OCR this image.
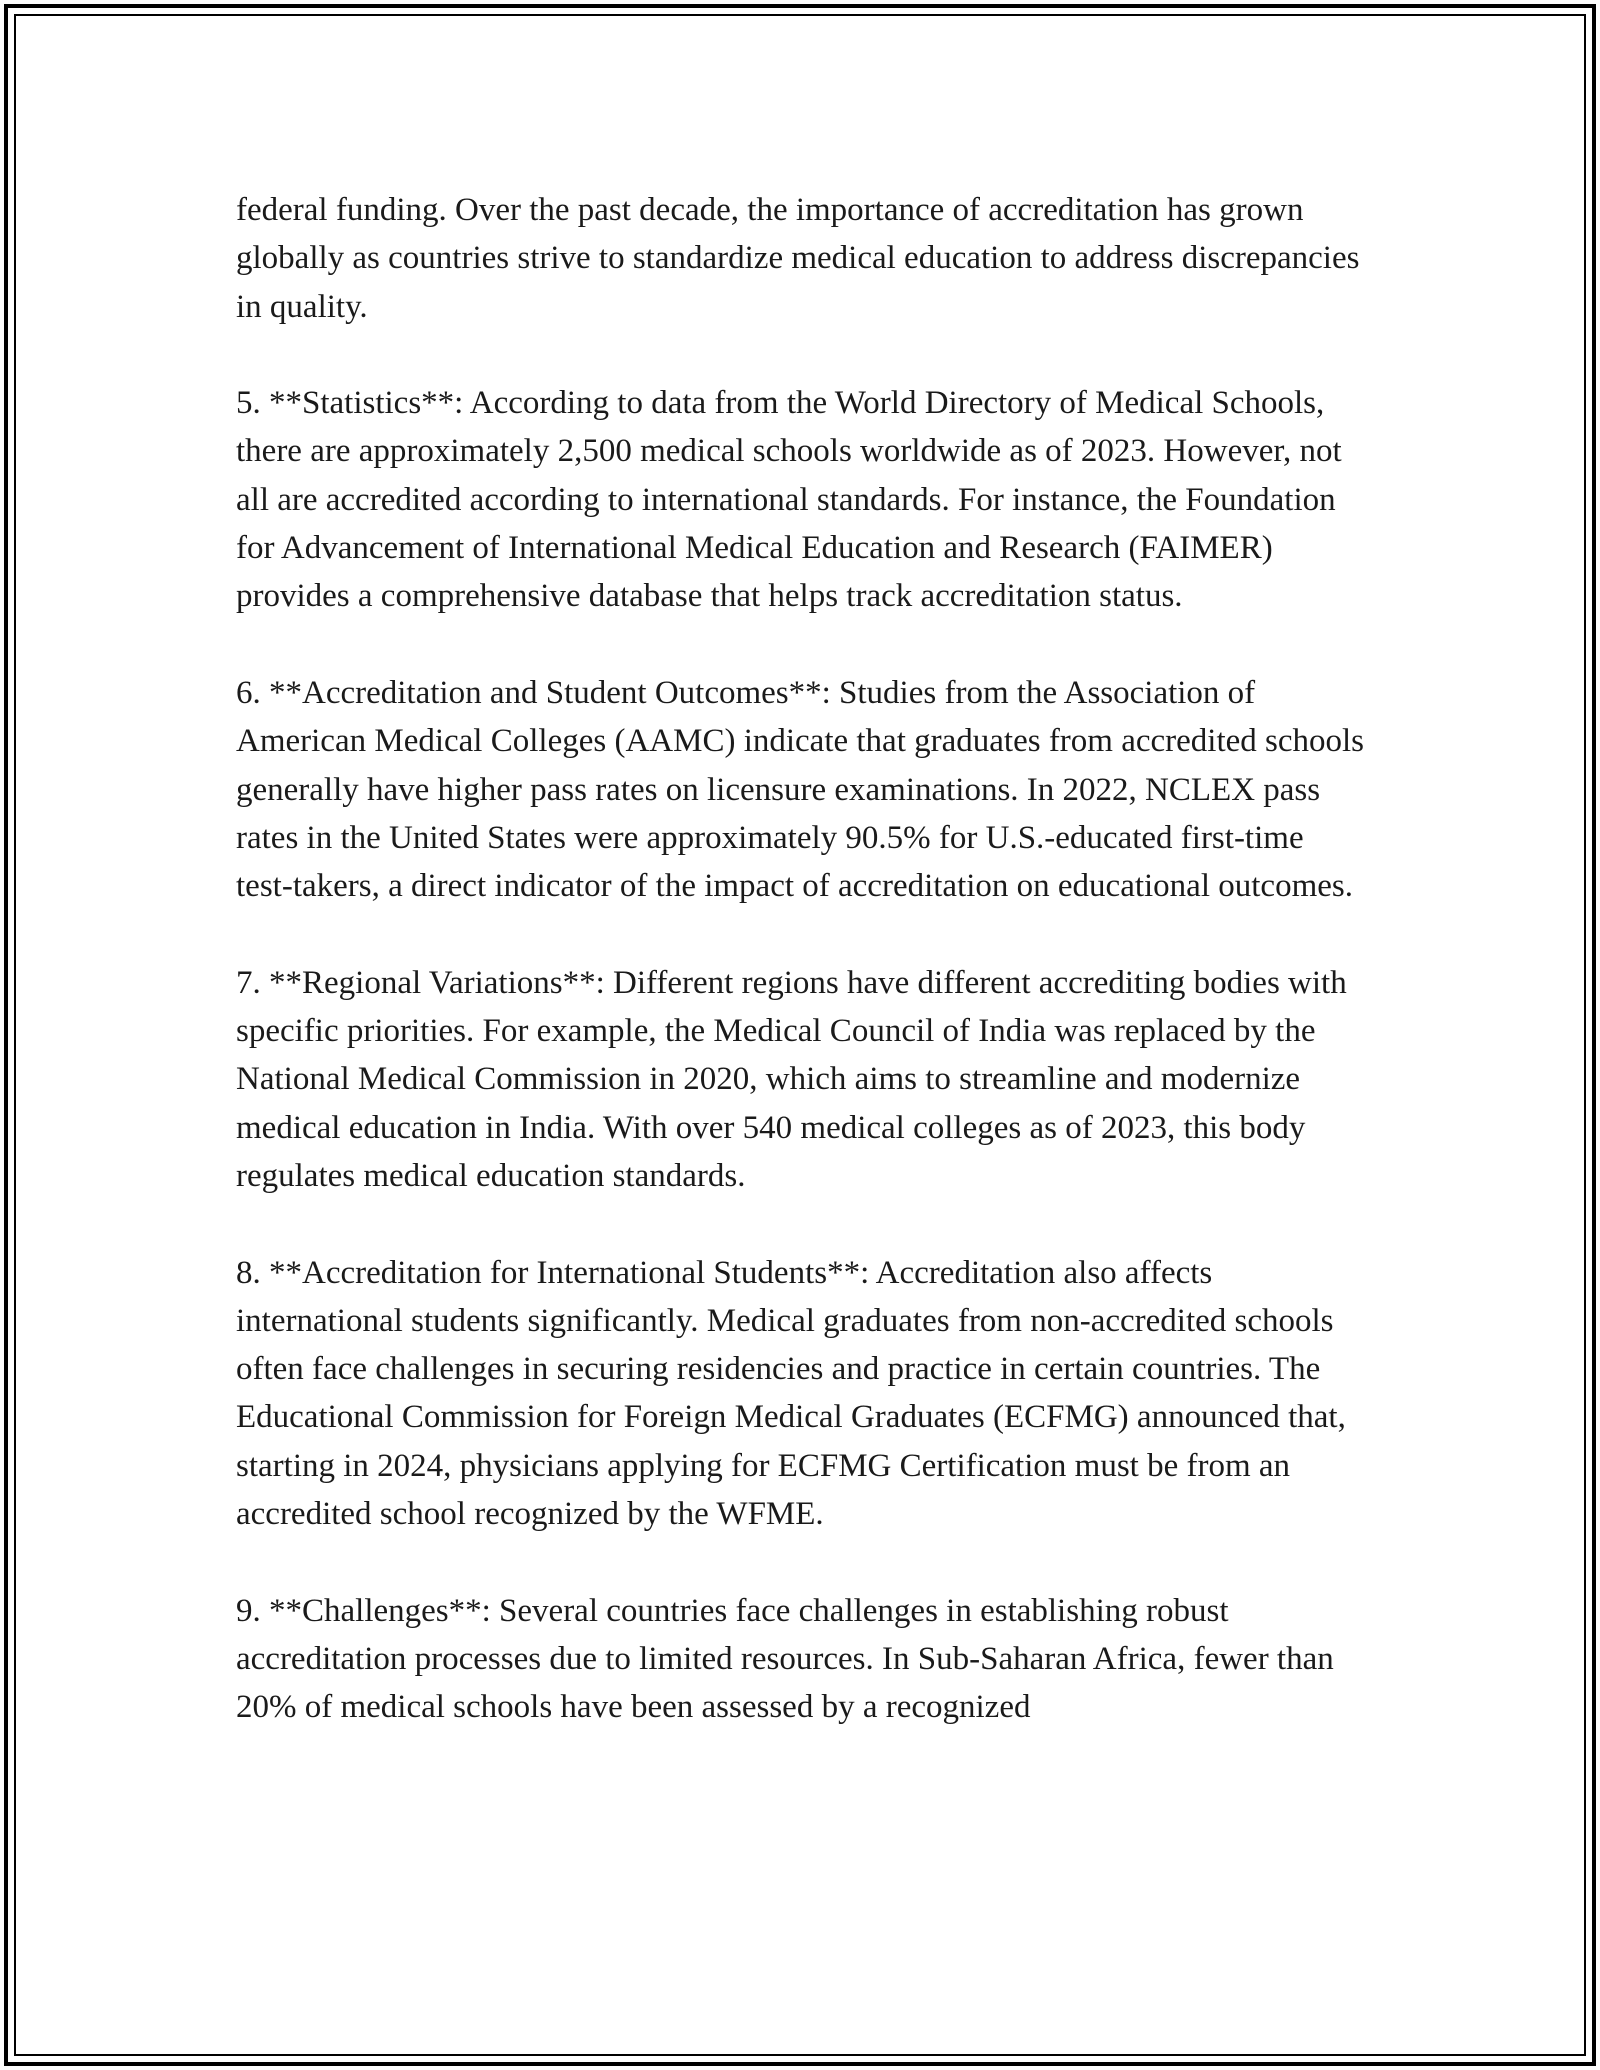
federal funding. Over the past decade, the importance of accreditation has grown globally as countries strive to standardize medical education to address discrepancies in quality.

5. **Statistics**: According to data from the World Directory of Medical Schools, there are approximately 2,500 medical schools worldwide as of 2023. However, not all are accredited according to international standards. For instance, the Foundation for Advancement of International Medical Education and Research (FAIMER) provides a comprehensive database that helps track accreditation status.

6. **Accreditation and Student Outcomes**: Studies from the Association of American Medical Colleges (AAMC) indicate that graduates from accredited schools generally have higher pass rates on licensure examinations. In 2022, NCLEX pass rates in the United States were approximately 90.5% for U.S.-educated first-time test-takers, a direct indicator of the impact of accreditation on educational outcomes.

7. **Regional Variations**: Different regions have different accrediting bodies with specific priorities. For example, the Medical Council of India was replaced by the National Medical Commission in 2020, which aims to streamline and modernize medical education in India. With over 540 medical colleges as of 2023, this body regulates medical education standards.

8. **Accreditation for International Students**: Accreditation also affects international students significantly. Medical graduates from non-accredited schools often face challenges in securing residencies and practice in certain countries. The Educational Commission for Foreign Medical Graduates (ECFMG) announced that, starting in 2024, physicians applying for ECFMG Certification must be from an accredited school recognized by the WFME.

9. **Challenges**: Several countries face challenges in establishing robust accreditation processes due to limited resources. In Sub-Saharan Africa, fewer than 20% of medical schools have been assessed by a recognized
